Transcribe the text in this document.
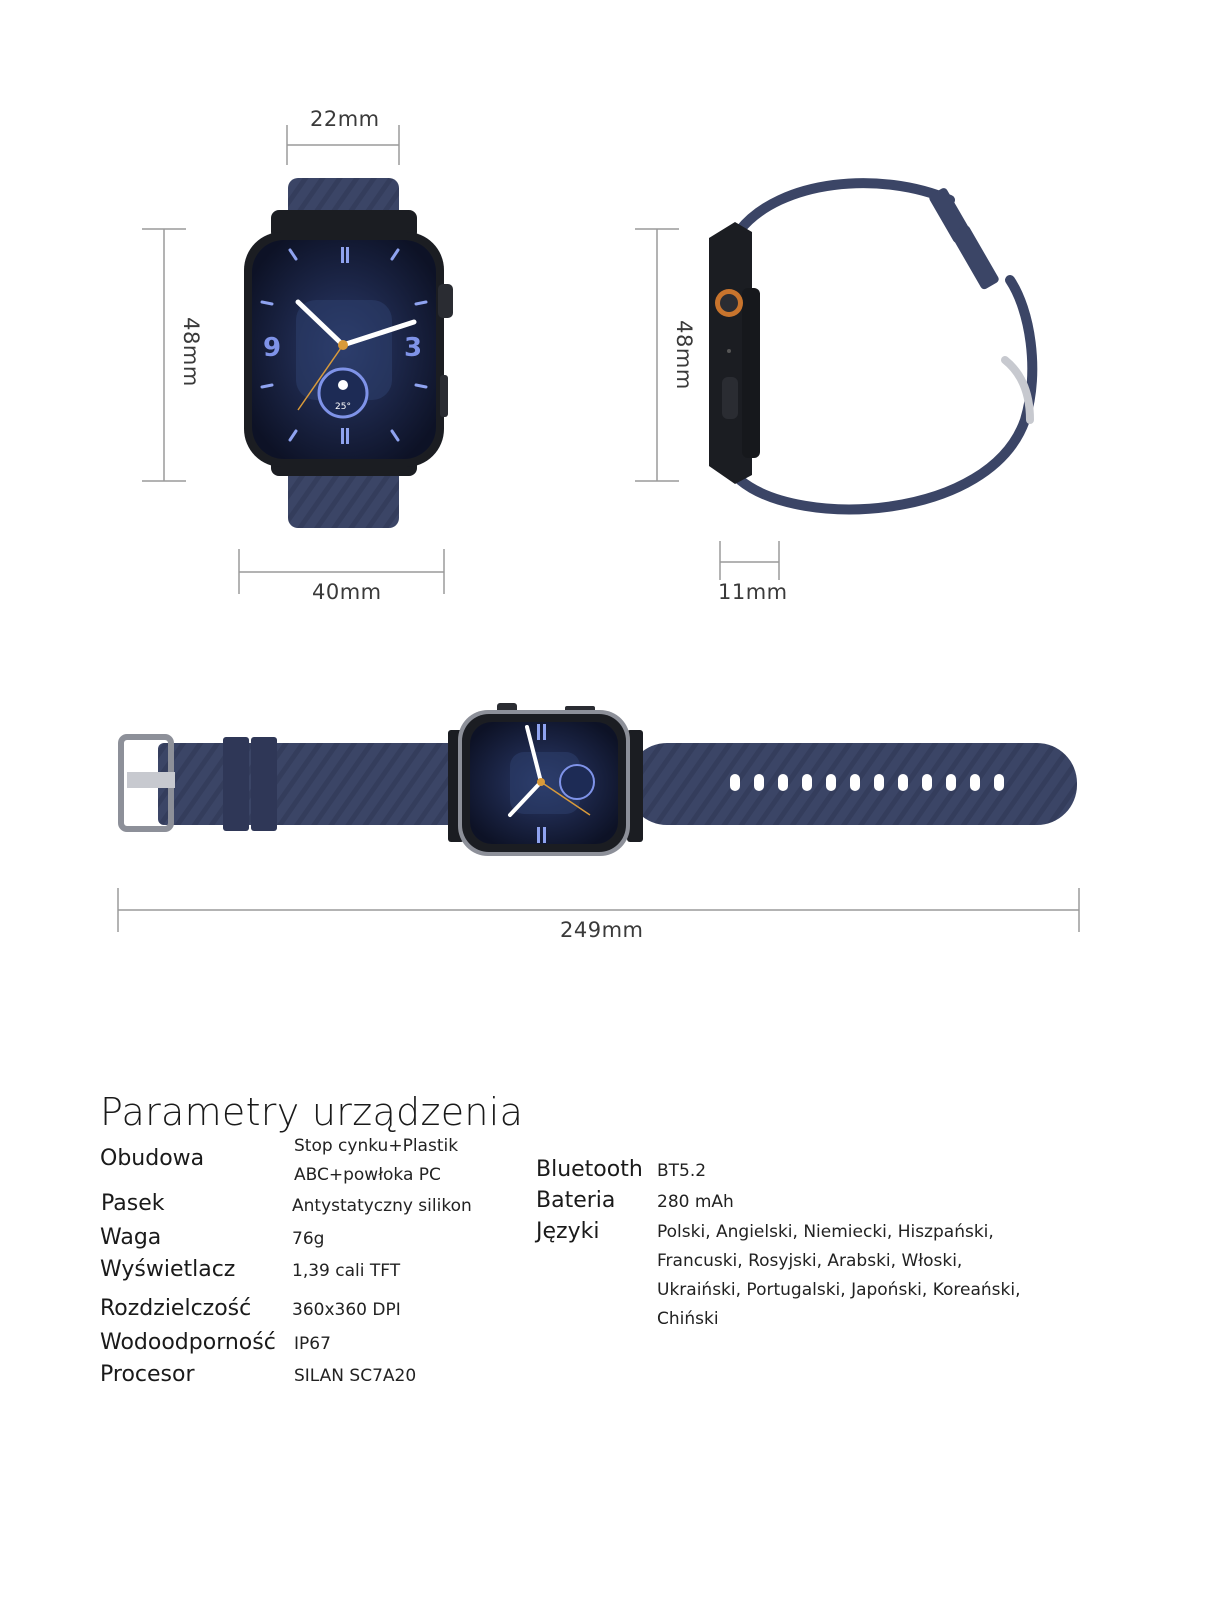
9	3
25°
22mm
48mm
40mm
48mm
11mm
249mm
Parametry urządzenia
Obudowa	Stop cynku+Plastik
ABC+powłoka PC
Pasek	Antystatyczny silikon
Waga	76g
Wyświetlacz	1,39 cali TFT
Rozdzielczość 360x360 DPI
Wodoodporność IP67
Procesor	SILAN SC7A20
Bluetooth BT5.2
Bateria 280 mAh
Języki	Polski, Angielski, Niemiecki, Hiszpański,
Francuski, Rosyjski, Arabski, Włoski,
Ukraiński, Portugalski, Japoński, Koreański,
Chiński
